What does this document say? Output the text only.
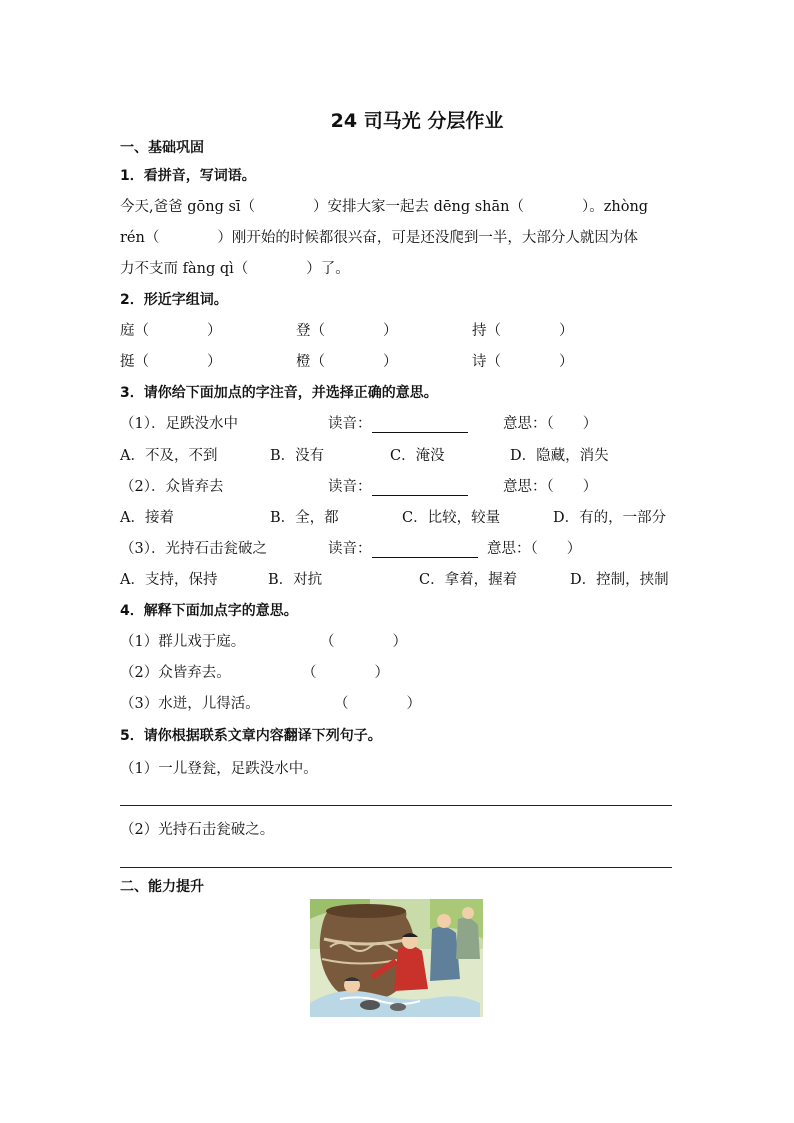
24 司马光 分层作业
一、基础巩固
1．看拼音，写词语。
今天,爸爸 gōng sī（　　　　）安排大家一起去 dēng shān（　　　　）。zhòng
rén（　　　　）刚开始的时候都很兴奋，可是还没爬到一半，大部分人就因为体
力不支而 fàng qì（　　　　）了。
2．形近字组词。
庭（　　　　）	登（　　　　）	持（　　　　）
挺（　　　　）	橙（　　　　）	诗（　　　　）
3．请你给下面加点的字注音，并选择正确的意思。
（1）．足跌没水中	读音：	意思：（　　）
A．不及，不到	B．没有	C．淹没	D．隐藏，消失
（2）．众皆弃去	读音：	意思：（　　）
A．接着	B．全，都	C．比较，较量	D．有的，一部分
（3）．光持石击瓮破之	读音：	意思：（　　）
A．支持，保持	B．对抗	C．拿着，握着	D．控制，挟制
4．解释下面加点字的意思。
（1）群儿戏于庭。	（　　　　）
（2）众皆弃去。	（　　　　）
（3）水迸，儿得活。	（　　　　）
5．请你根据联系文章内容翻译下列句子。
（1）一儿登瓮，足跌没水中。
（2）光持石击瓮破之。
二、能力提升
